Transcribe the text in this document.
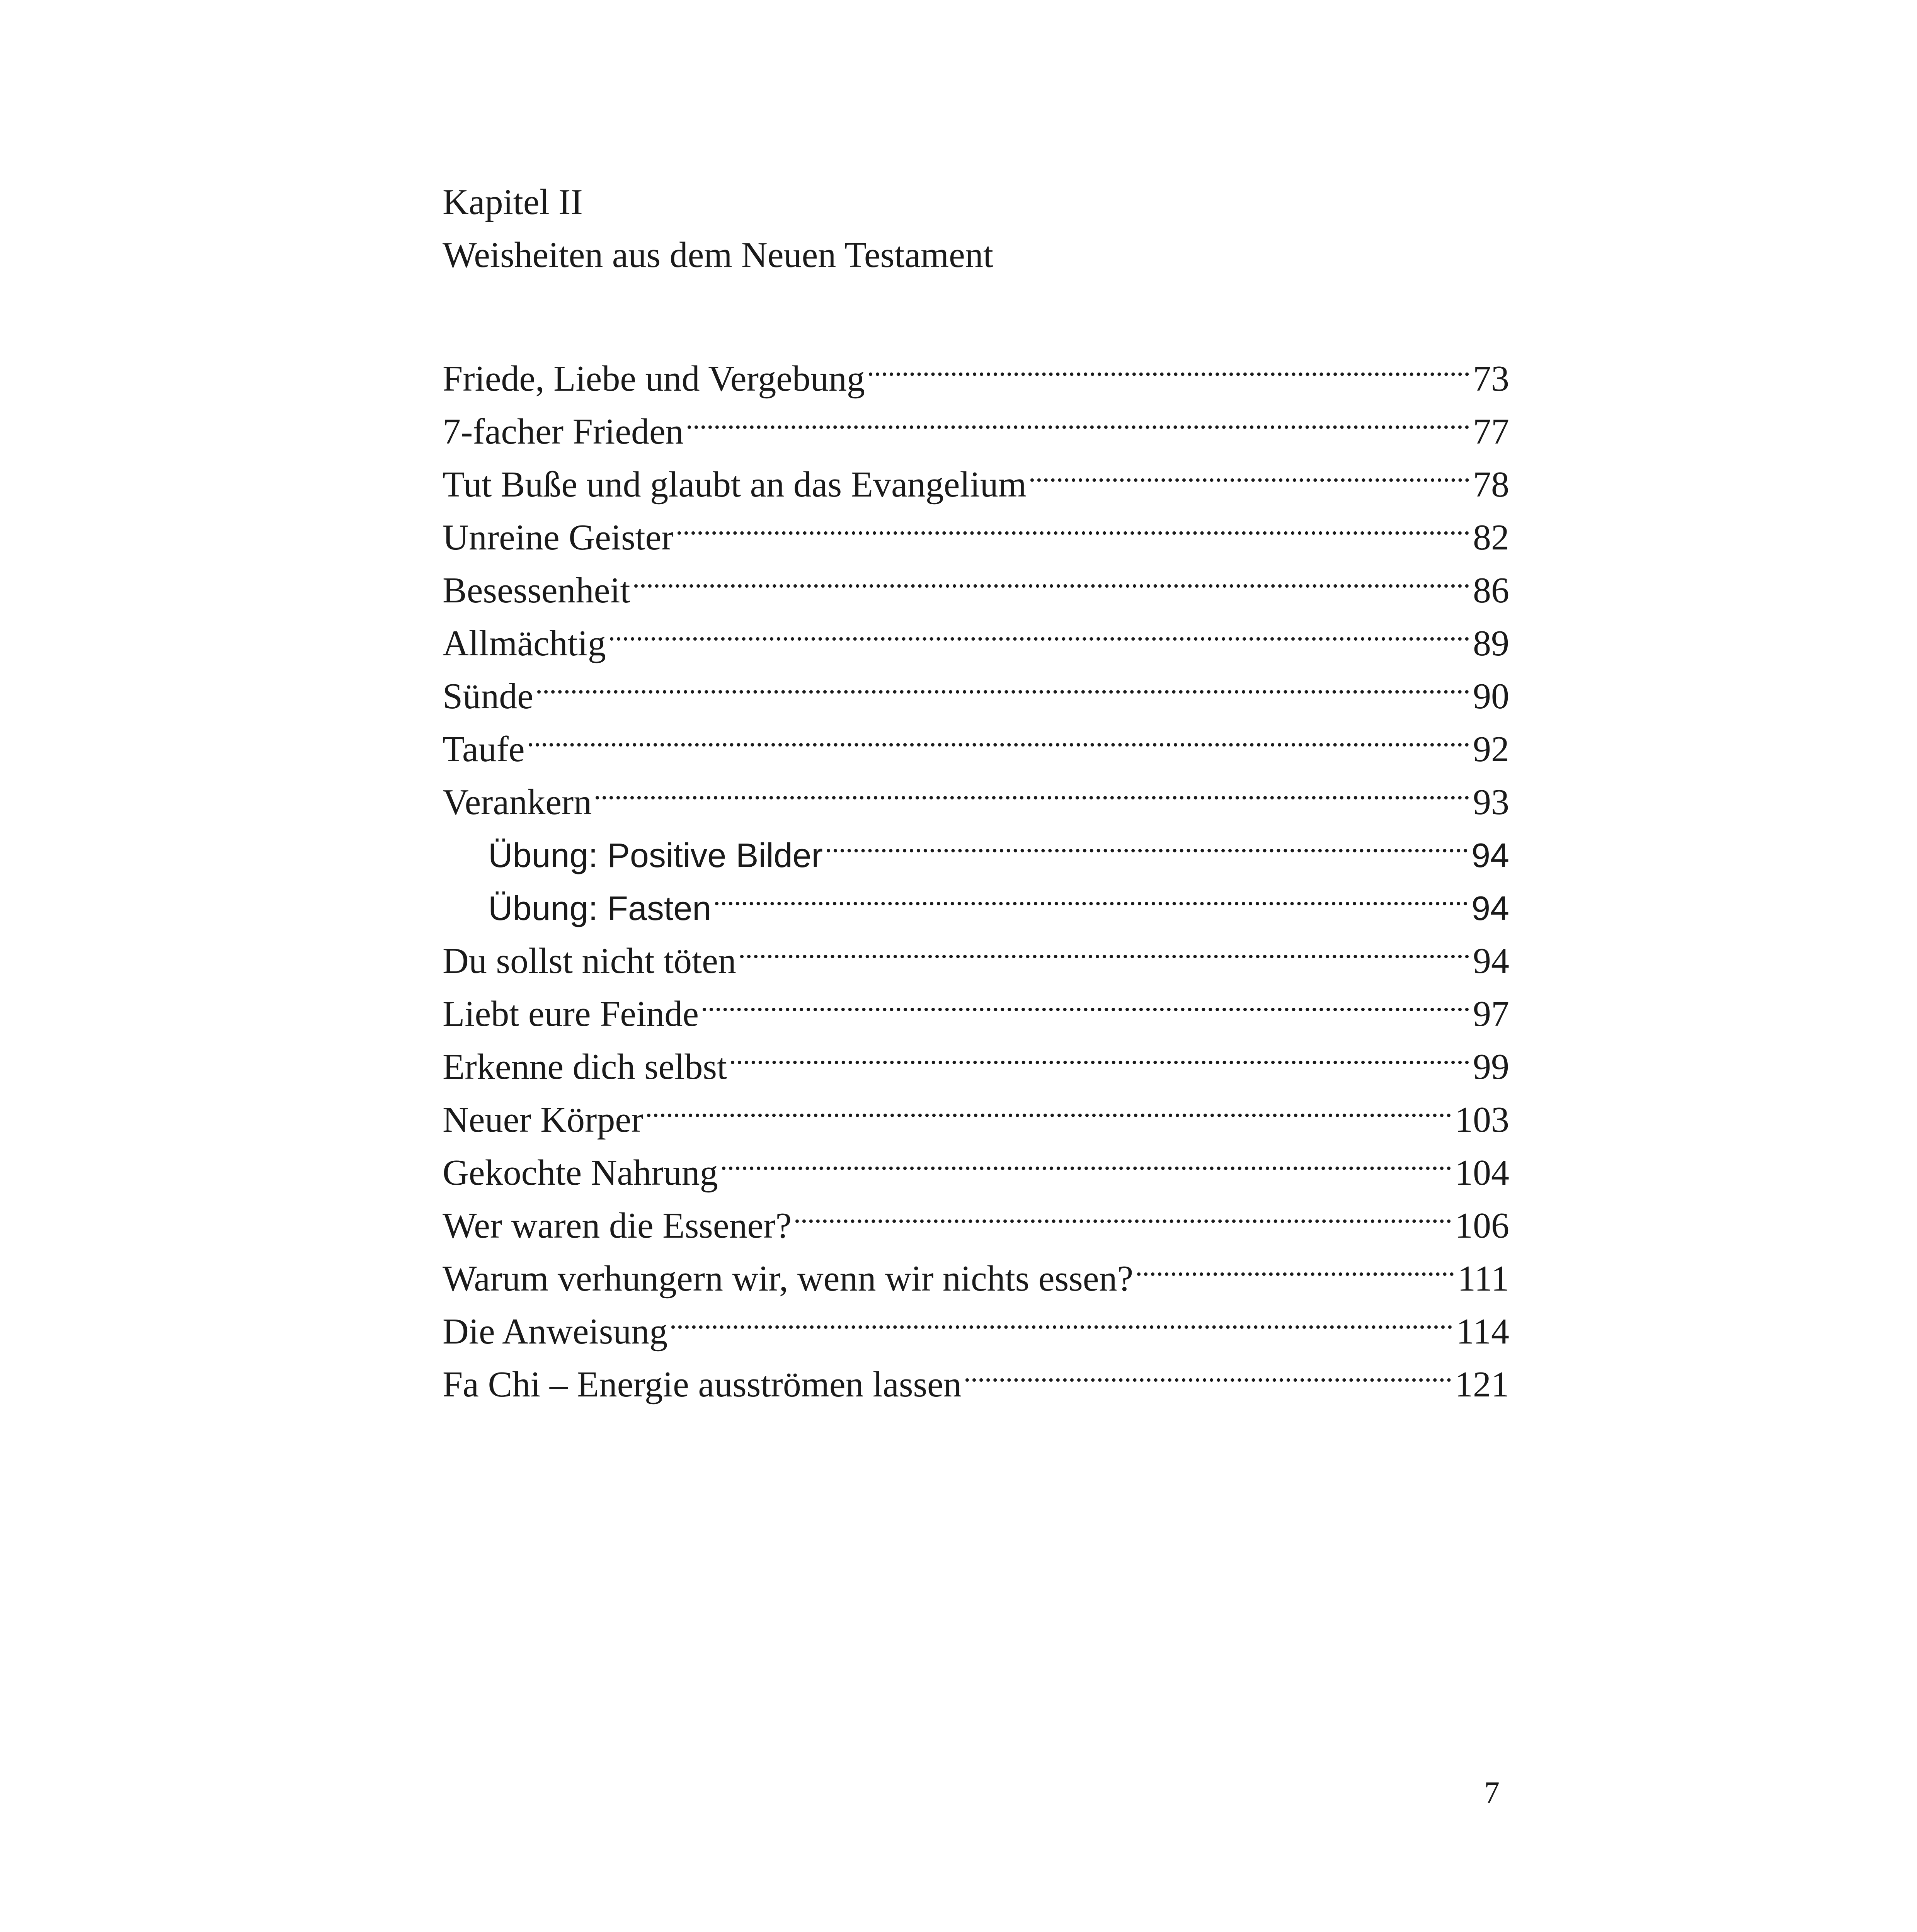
Kapitel II
Weisheiten aus dem Neuen Testament
Friede, Liebe und Vergebung	73
7-facher Frieden	77
Tut Buße und glaubt an das Evangelium	78
Unreine Geister	82
Besessenheit	86
Allmächtig	89
Sünde	90
Taufe	92
Verankern	93
Übung: Positive Bilder	94
Übung: Fasten	94
Du sollst nicht töten	94
Liebt eure Feinde	97
Erkenne dich selbst	99
Neuer Körper	103
Gekochte Nahrung	104
Wer waren die Essener?	106
Warum verhungern wir, wenn wir nichts essen?	111
Die Anweisung	114
Fa Chi – Energie ausströmen lassen	121
7
